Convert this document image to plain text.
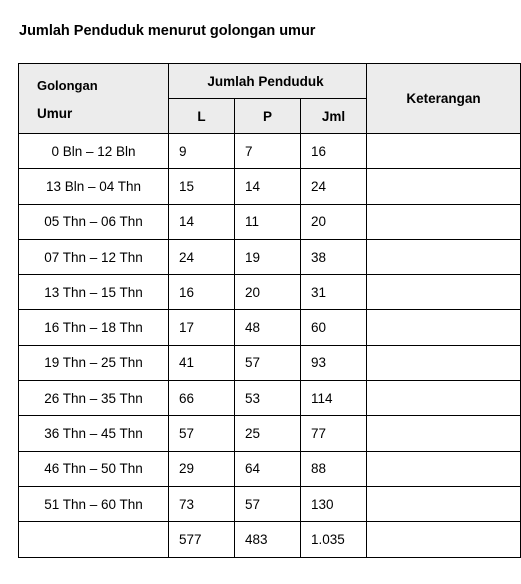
Jumlah Penduduk menurut golongan umur
Golongan
Umur	Jumlah Penduduk			Keterangan
	L	P	Jml	
0 Bln – 12 Bln	9	7	16	
13 Bln – 04 Thn	15	14	24	
05 Thn – 06 Thn	14	11	20	
07 Thn – 12 Thn	24	19	38	
13 Thn – 15 Thn	16	20	31	
16 Thn – 18 Thn	17	48	60	
19 Thn – 25 Thn	41	57	93	
26 Thn – 35 Thn	66	53	114	
36 Thn – 45 Thn	57	25	77	
46 Thn – 50 Thn	29	64	88	
51 Thn – 60 Thn	73	57	130	
	577	483	1.035	
